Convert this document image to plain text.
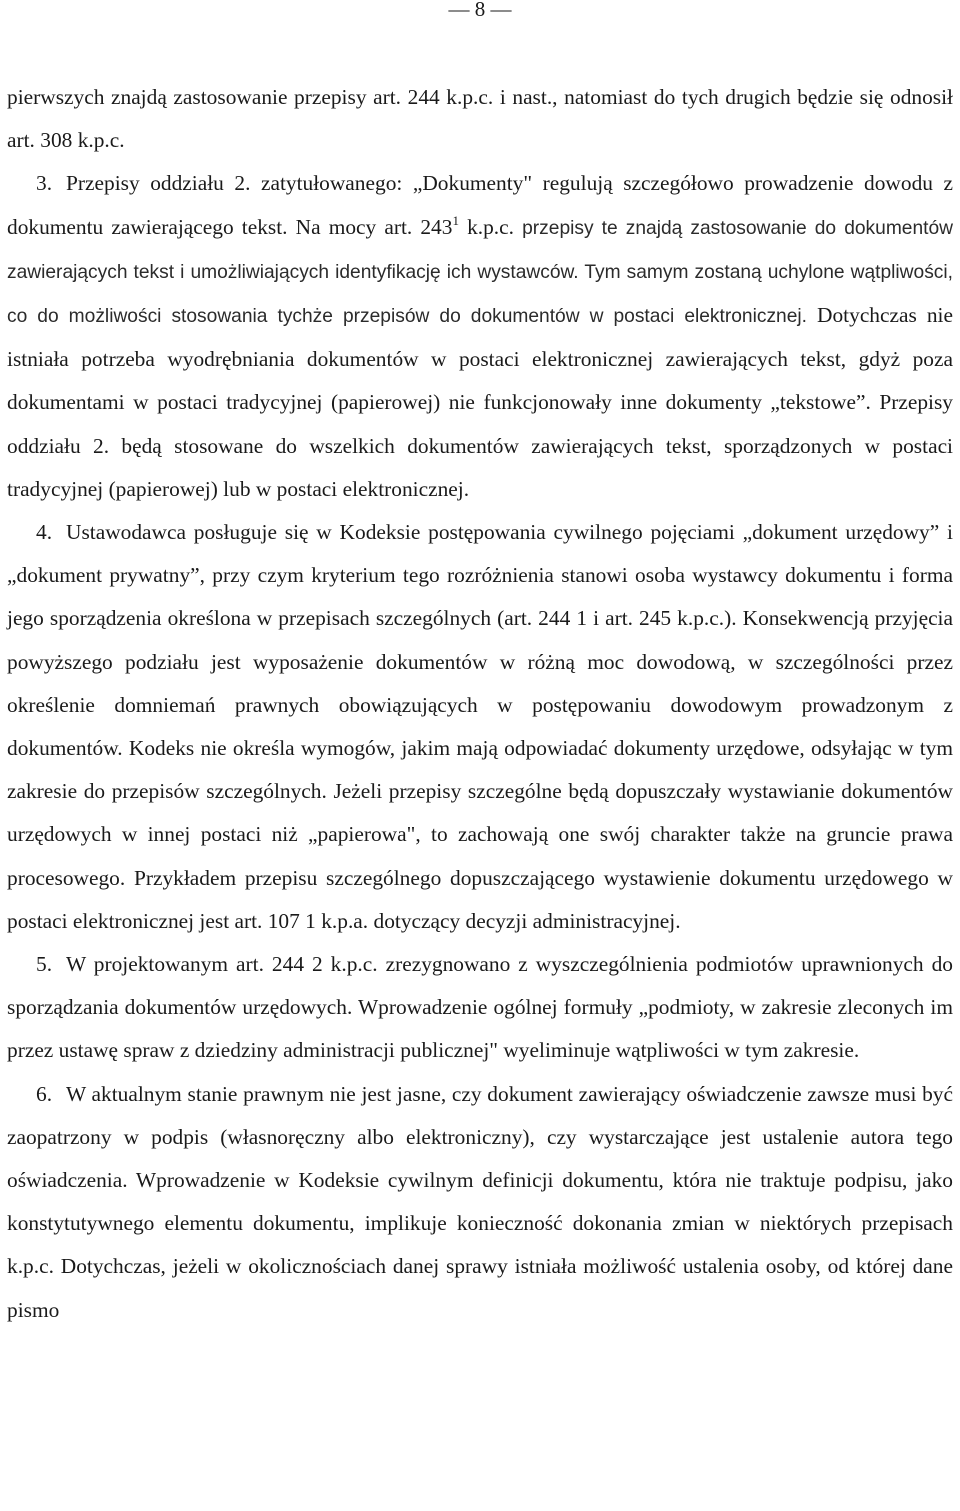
— 8 —

pierwszych znajdą zastosowanie przepisy art. 244 k.p.c. i nast., natomiast do tych drugich będzie się odnosił art. 308 k.p.c.

3. Przepisy oddziału 2. zatytułowanego: „Dokumenty" regulują szczegółowo prowadzenie dowodu z dokumentu zawierającego tekst. Na mocy art. $243^1$ k.p.c. przepisy te znajdą zastosowanie do dokumentów zawierających tekst i umożliwiających identyfikację ich wystawców. Tym samym zostaną uchylone wątpliwości, co do możliwości stosowania tychże przepisów do dokumentów w postaci elektronicznej. Dotychczas nie istniała potrzeba wyodrębniania dokumentów w postaci elektronicznej zawierających tekst, gdyż poza dokumentami w postaci tradycyjnej (papierowej) nie funkcjonowały inne dokumenty „tekstowe”. Przepisy oddziału 2. będą stosowane do wszelkich dokumentów zawierających tekst, sporządzonych w postaci tradycyjnej (papierowej) lub w postaci elektronicznej.

4. Ustawodawca posługuje się w Kodeksie postępowania cywilnego pojęciami „dokument urzędowy” i „dokument prywatny”, przy czym kryterium tego rozróżnienia stanowi osoba wystawcy dokumentu i forma jego sporządzenia określona w przepisach szczególnych (art. 244 1 i art. 245 k.p.c.). Konsekwencją przyjęcia powyższego podziału jest wyposażenie dokumentów w różną moc dowodową, w szczególności przez określenie domniemań prawnych obowiązujących w postępowaniu dowodowym prowadzonym z dokumentów. Kodeks nie określa wymogów, jakim mają odpowiadać dokumenty urzędowe, odsyłając w tym zakresie do przepisów szczególnych. Jeżeli przepisy szczególne będą dopuszczały wystawianie dokumentów urzędowych w innej postaci niż „papierowa", to zachowają one swój charakter także na gruncie prawa procesowego. Przykładem przepisu szczególnego dopuszczającego wystawienie dokumentu urzędowego w postaci elektronicznej jest art. 107 1 k.p.a. dotyczący decyzji administracyjnej.

5. W projektowanym art. 244 2 k.p.c. zrezygnowano z wyszczególnienia podmiotów uprawnionych do sporządzania dokumentów urzędowych. Wprowadzenie ogólnej formuły „podmioty, w zakresie zleconych im przez ustawę spraw z dziedziny administracji publicznej" wyeliminuje wątpliwości w tym zakresie.

6. W aktualnym stanie prawnym nie jest jasne, czy dokument zawierający oświadczenie zawsze musi być zaopatrzony w podpis (własnoręczny albo elektroniczny), czy wystarczające jest ustalenie autora tego oświadczenia. Wprowadzenie w Kodeksie cywilnym definicji dokumentu, która nie traktuje podpisu, jako konstytutywnego elementu dokumentu, implikuje konieczność dokonania zmian w niektórych przepisach k.p.c. Dotychczas, jeżeli w okolicznościach danej sprawy istniała możliwość ustalenia osoby, od której dane pismo
